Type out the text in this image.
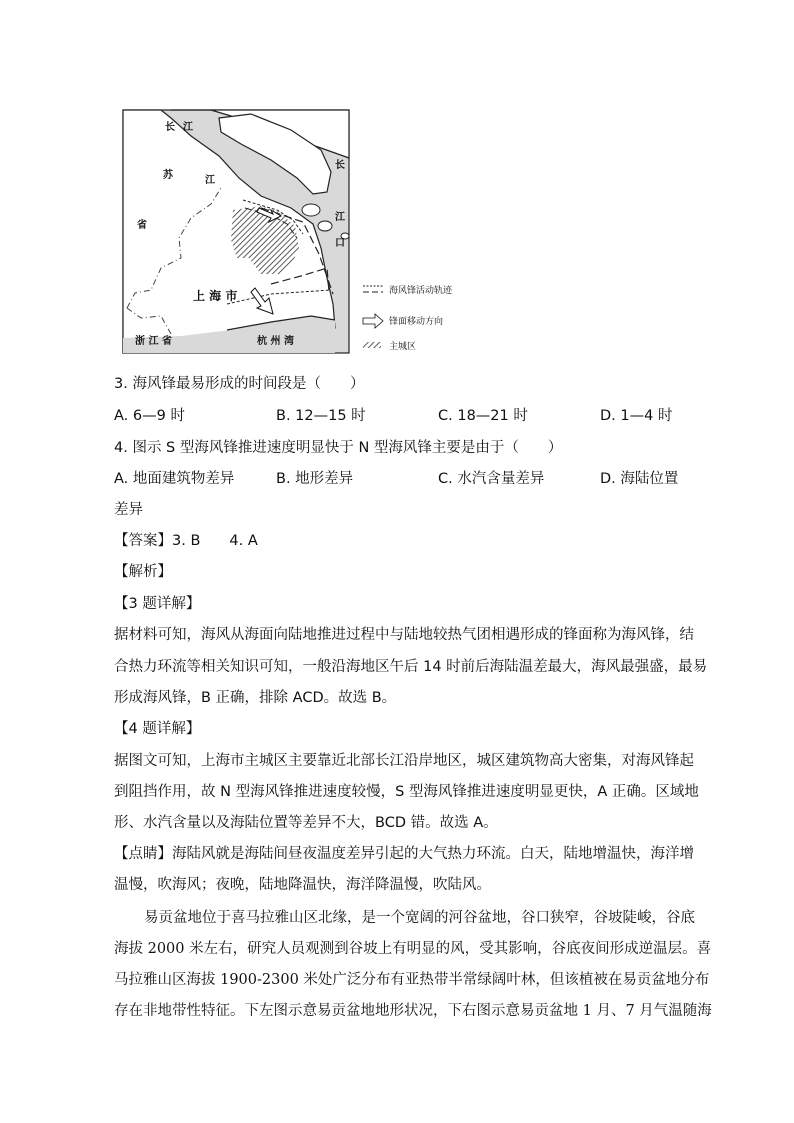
长 江
苏
省
长
江
江
口
上 海 市
浙 江 省	杭 州 湾
海风锋活动轨迹
锋面移动方向
主城区
3. 海风锋最易形成的时间段是（　　）
A. 6—9 时	B. 12—15 时	C. 18—21 时	D. 1—4 时
4. 图示 S 型海风锋推进速度明显快于 N 型海风锋主要是由于（　　）
A. 地面建筑物差异	B. 地形差异	C. 水汽含量差异	D. 海陆位置
差异
【答案】3. B　　4. A
【解析】
【3 题详解】
据材料可知，海风从海面向陆地推进过程中与陆地较热气团相遇形成的锋面称为海风锋，结
合热力环流等相关知识可知，一般沿海地区午后 14 时前后海陆温差最大，海风最强盛，最易
形成海风锋，B 正确，排除 ACD。故选 B。
【4 题详解】
据图文可知，上海市主城区主要靠近北部长江沿岸地区，城区建筑物高大密集，对海风锋起
到阻挡作用，故 N 型海风锋推进速度较慢，S 型海风锋推进速度明显更快，A 正确。区域地
形、水汽含量以及海陆位置等差异不大，BCD 错。故选 A。
【点睛】海陆风就是海陆间昼夜温度差异引起的大气热力环流。白天，陆地增温快，海洋增
温慢，吹海风；夜晚，陆地降温快，海洋降温慢，吹陆风。
易贡盆地位于喜马拉雅山区北缘，是一个宽阔的河谷盆地，谷口狭窄，谷坡陡峻，谷底
海拔 2000 米左右，研究人员观测到谷坡上有明显的风，受其影响，谷底夜间形成逆温层。喜
马拉雅山区海拔 1900-2300 米处广泛分布有亚热带半常绿阔叶林，但该植被在易贡盆地分布
存在非地带性特征。下左图示意易贡盆地地形状况，下右图示意易贡盆地 1 月、7 月气温随海
